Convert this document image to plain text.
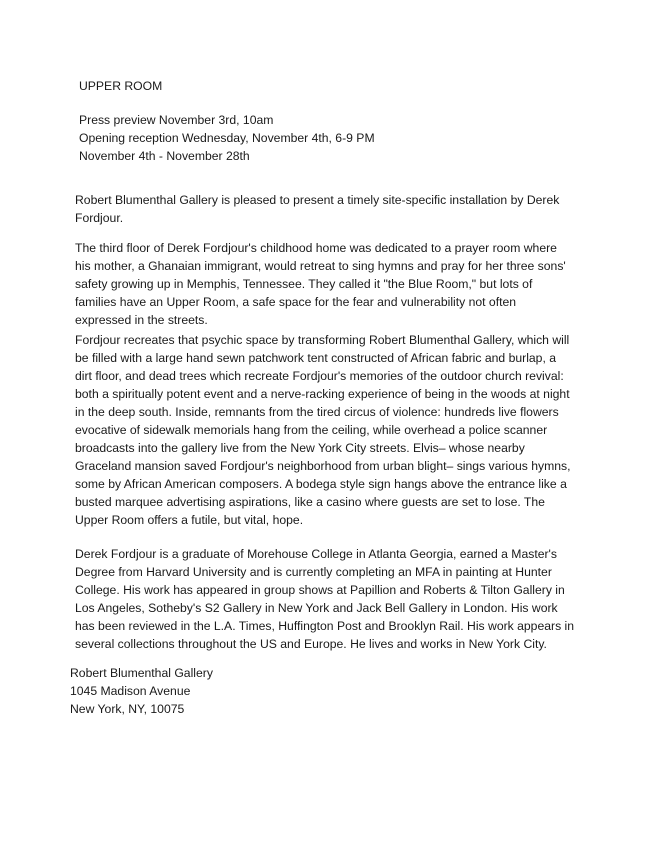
UPPER ROOM
Press preview November 3rd, 10am
Opening reception Wednesday, November 4th, 6-9 PM
November 4th - November 28th

Robert Blumenthal Gallery is pleased to present a timely site-specific installation by Derek Fordjour.

The third floor of Derek Fordjour's childhood home was dedicated to a prayer room where his mother, a Ghanaian immigrant, would retreat to sing hymns and pray for her three sons' safety growing up in Memphis, Tennessee. They called it "the Blue Room," but lots of families have an Upper Room, a safe space for the fear and vulnerability not often expressed in the streets.

Fordjour recreates that psychic space by transforming Robert Blumenthal Gallery, which will be filled with a large hand sewn patchwork tent constructed of African fabric and burlap, a dirt floor, and dead trees which recreate Fordjour's memories of the outdoor church revival: both a spiritually potent event and a nerve-racking experience of being in the woods at night in the deep south. Inside, remnants from the tired circus of violence: hundreds live flowers evocative of sidewalk memorials hang from the ceiling, while overhead a police scanner broadcasts into the gallery live from the New York City streets. Elvis– whose nearby Graceland mansion saved Fordjour's neighborhood from urban blight– sings various hymns, some by African American composers. A bodega style sign hangs above the entrance like a busted marquee advertising aspirations, like a casino where guests are set to lose. The Upper Room offers a futile, but vital, hope.

Derek Fordjour is a graduate of Morehouse College in Atlanta Georgia, earned a Master's Degree from Harvard University and is currently completing an MFA in painting at Hunter College. His work has appeared in group shows at Papillion and Roberts & Tilton Gallery in Los Angeles, Sotheby's S2 Gallery in New York and Jack Bell Gallery in London. His work has been reviewed in the L.A. Times, Huffington Post and Brooklyn Rail. His work appears in several collections throughout the US and Europe. He lives and works in New York City.

Robert Blumenthal Gallery
1045 Madison Avenue
New York, NY, 10075
